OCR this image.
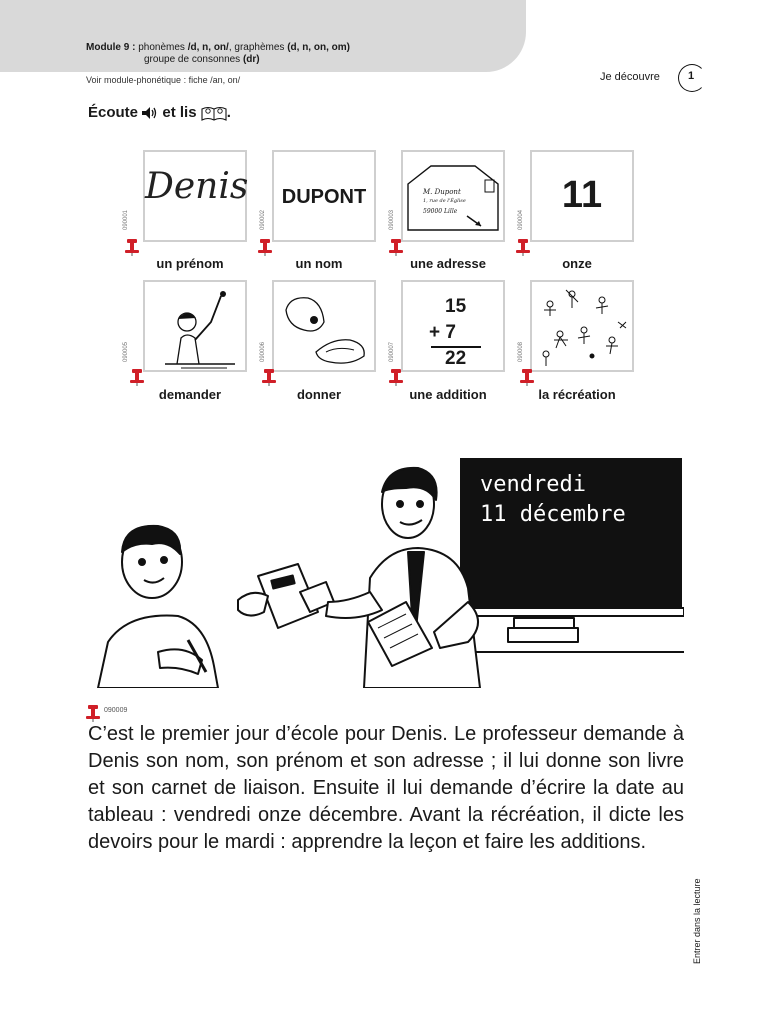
Module 9 : phonèmes /d, n, on/, graphèmes (d, n, on, om)
groupe de consonnes (dr)
Voir module-phonétique : fiche /an, on/	Je découvre	1
Écoute et lis .
Denis
090001
un prénom
DUPONT
090002
un nom
M. Dupont
1, rue de l'Église
59000 Lille
090003
une adresse
11
090004
onze
090005
demander
090006
donner
15
+ 7
22
090007
une addition
090008
la récréation
vendredi
11 décembre
090009
C’est le premier jour d’école pour Denis. Le professeur demande à Denis son nom, son prénom et son adresse ; il lui donne son livre et son carnet de liaison. Ensuite il lui demande d’écrire la date au tableau : vendredi onze décembre. Avant la récréation, il dicte les devoirs pour le mardi : apprendre la leçon et faire les additions.
Entrer dans la lecture
